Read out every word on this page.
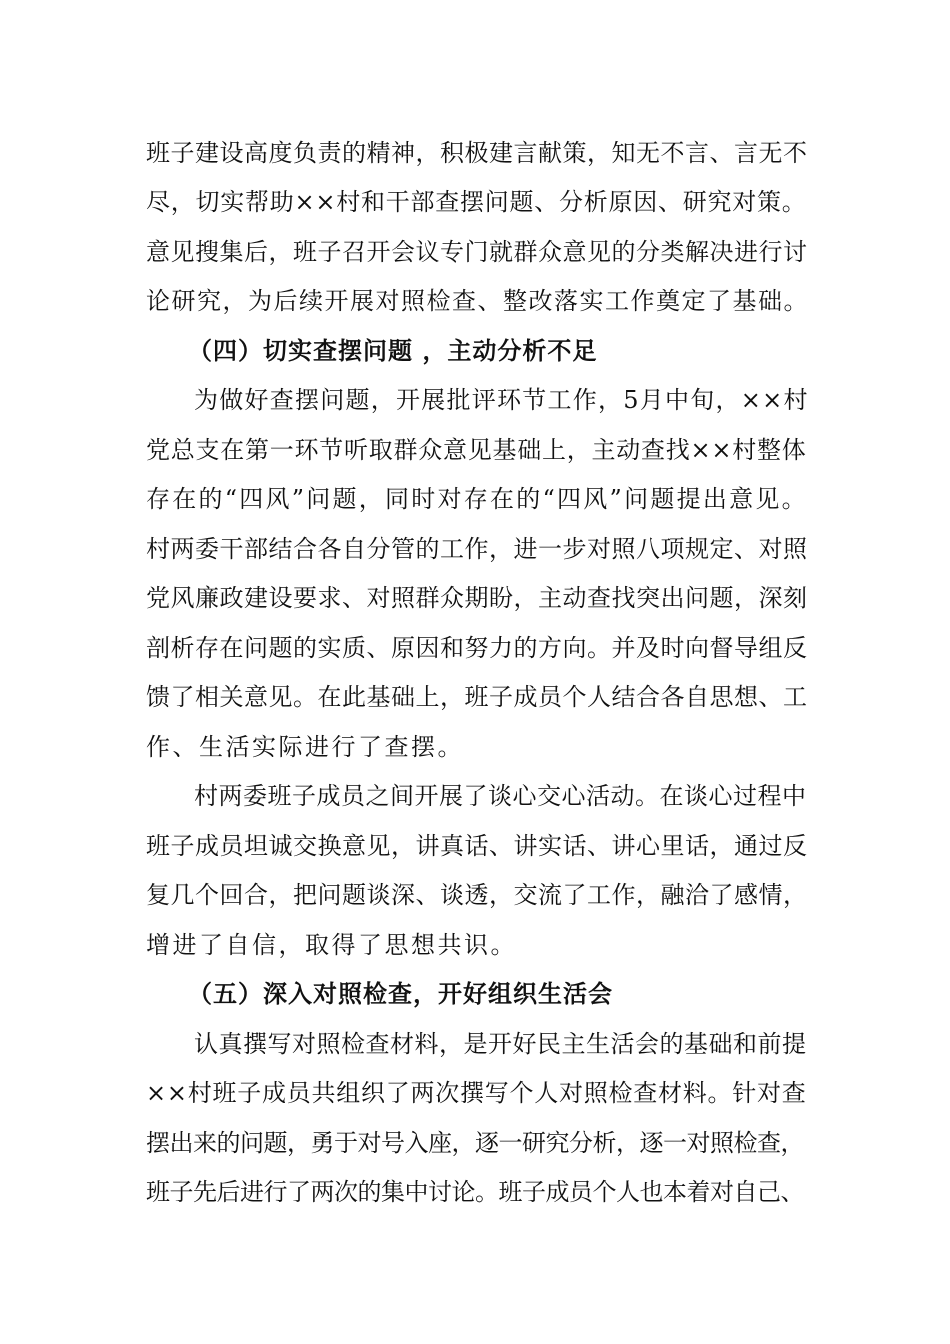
班子建设高度负责的精神，积极建言献策，知无不言、言无不
尽，切实帮助××村和干部查摆问题、分析原因、研究对策。
意见搜集后，班子召开会议专门就群众意见的分类解决进行讨
论研究，为后续开展对照检查、整改落实工作奠定了基础。
（四）切实查摆问题 ，主动分析不足
为做好查摆问题，开展批评环节工作，5月中旬，××村
党总支在第一环节听取群众意见基础上，主动查找××村整体
存在的“四风”问题，同时对存在的“四风”问题提出意见。
村两委干部结合各自分管的工作，进一步对照八项规定、对照
党风廉政建设要求、对照群众期盼，主动查找突出问题，深刻
剖析存在问题的实质、原因和努力的方向。并及时向督导组反
馈了相关意见。在此基础上，班子成员个人结合各自思想、工
作、生活实际进行了查摆。
村两委班子成员之间开展了谈心交心活动。在谈心过程中
班子成员坦诚交换意见，讲真话、讲实话、讲心里话，通过反
复几个回合，把问题谈深、谈透，交流了工作，融洽了感情，
增进了自信，取得了思想共识。
（五）深入对照检查，开好组织生活会
认真撰写对照检查材料，是开好民主生活会的基础和前提
××村班子成员共组织了两次撰写个人对照检查材料。针对查
摆出来的问题，勇于对号入座，逐一研究分析，逐一对照检查，
班子先后进行了两次的集中讨论。班子成员个人也本着对自己、
